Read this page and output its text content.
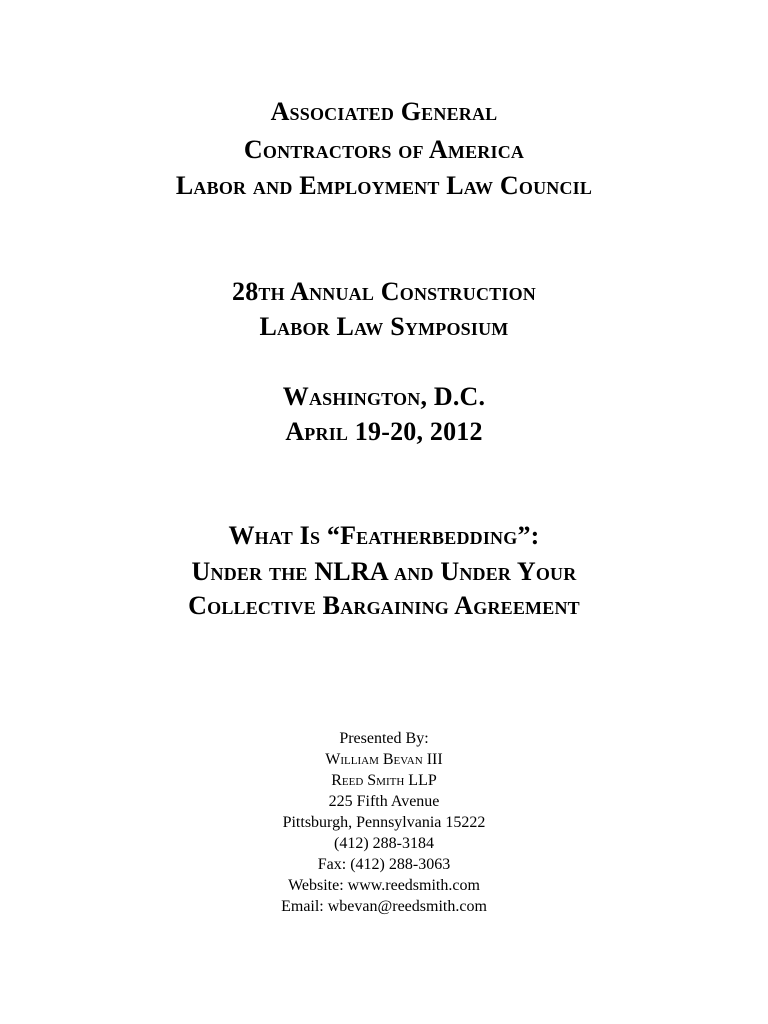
Associated General
Contractors of America
Labor and Employment Law Council
28th Annual Construction
Labor Law Symposium
Washington, D.C.
April 19-20, 2012
What Is “Featherbedding”:
Under the NLRA and Under Your
Collective Bargaining Agreement
Presented By:
William Bevan III
Reed Smith LLP
225 Fifth Avenue
Pittsburgh, Pennsylvania 15222
(412) 288-3184
Fax: (412) 288-3063
Website: www.reedsmith.com
Email: wbevan@reedsmith.com
